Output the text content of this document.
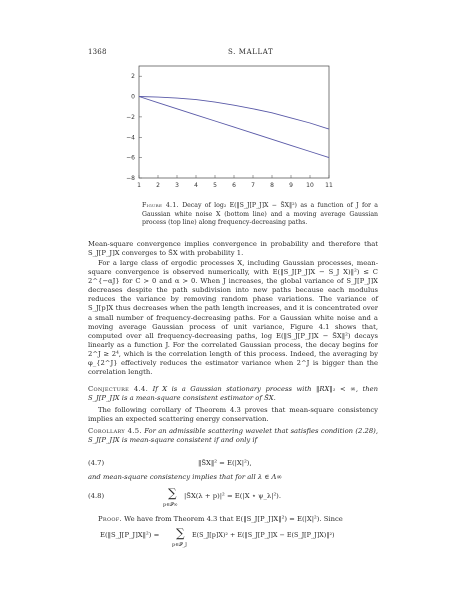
1368	S. MALLAT
2
0
−2
−4
−6
−8
1	2	3	4	5	6	7	8	9 10 11
Figure 4.1. Decay of log₂ E(‖S_J[P_J]X − S̄X‖²) as a function of J for a Gaussian white noise X (bottom line) and a moving average Gaussian process (top line) along frequency-decreasing paths.
Mean-square convergence implies convergence in probability and therefore that S_J[P_J]X converges to S̄X with probability 1.
For a large class of ergodic processes X, including Gaussian processes, mean-square convergence is observed numerically, with E(‖S_J[P_J]X − S_J X)‖²) ≤ C 2^{−αJ} for C > 0 and α > 0. When J increases, the global variance of S_J[P_J]X decreases despite the path subdivision into new paths because each modulus reduces the variance by removing random phase variations. The variance of S_J[p]X thus decreases when the path length increases, and it is concentrated over a small number of frequency-decreasing paths. For a Gaussian white noise and a moving average Gaussian process of unit variance, Figure 4.1 shows that, computed over all frequency-decreasing paths, log E(‖S_J[P_J]X − S̄X‖²) decays linearly as a function J. For the correlated Gaussian process, the decay begins for 2^J ≥ 2⁴, which is the correlation length of this process. Indeed, the averaging by φ_{2^J} effectively reduces the estimator variance when 2^J is bigger than the correlation length.
Conjecture 4.4. If X is a Gaussian stationary process with ‖RX‖₁ < ∞, then S_J[P_J]X is a mean-square consistent estimator of S̄X.
The following corollary of Theorem 4.3 proves that mean-square consistency implies an expected scattering energy conservation.
Corollary 4.5. For an admissible scattering wavelet that satisfies condition (2.28), S_J[P_J]X is mean-square consistent if and only if
(4.7)	‖S̄X‖² = E(|X|²),
and mean-square consistency implies that for all λ ∈ Λ∞
(4.8)	∑
p∈𝒫∞
|S̄X(λ + p)|² = E(|X ⋆ ψ_λ|²).
Proof. We have from Theorem 4.3 that E(‖S_J[P_J]X‖²) = E(|X|²). Since
E(‖S_J[P_J]X‖²) = ∑
p∈𝒫_J
E(S_J[p]X)² + E(‖S_J[P_J]X − E(S_J[P_J]X)‖²)
